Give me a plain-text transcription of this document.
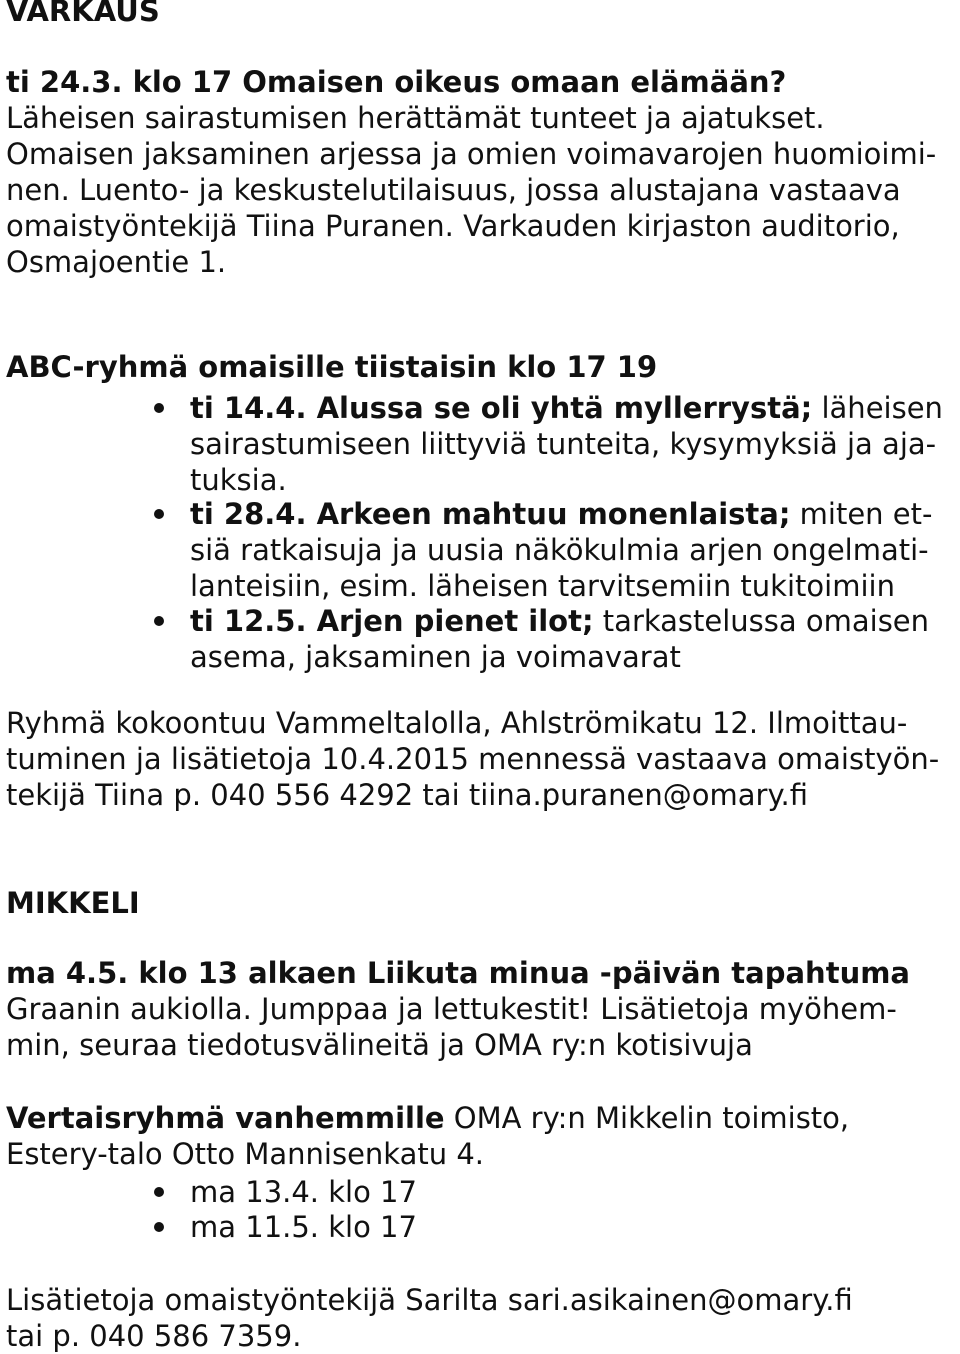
VARKAUS
ti 24.3. klo 17 Omaisen oikeus omaan elämään?
Läheisen sairastumisen herättämät tunteet ja ajatukset.
Omaisen jaksaminen arjessa ja omien voimavarojen huomioimi-
nen. Luento- ja keskustelutilaisuus, jossa alustajana vastaava
omaistyöntekijä Tiina Puranen. Varkauden kirjaston auditorio,
Osmajoentie 1.
ABC-ryhmä omaisille tiistaisin klo 17 19
ti 14.4. Alussa se oli yhtä myllerrystä; läheisen
sairastumiseen liittyviä tunteita, kysymyksiä ja aja-
tuksia.
ti 28.4. Arkeen mahtuu monenlaista; miten et-
siä ratkaisuja ja uusia näkökulmia arjen ongelmati-
lanteisiin, esim. läheisen tarvitsemiin tukitoimiin
ti 12.5. Arjen pienet ilot; tarkastelussa omaisen
asema, jaksaminen ja voimavarat
Ryhmä kokoontuu Vammeltalolla, Ahlströmikatu 12. Ilmoittau-
tuminen ja lisätietoja 10.4.2015 mennessä vastaava omaistyön-
tekijä Tiina p. 040 556 4292 tai tiina.puranen@omary.fi
MIKKELI
ma 4.5. klo 13 alkaen Liikuta minua -päivän tapahtuma
Graanin aukiolla. Jumppaa ja lettukestit! Lisätietoja myöhem-
min, seuraa tiedotusvälineitä ja OMA ry:n kotisivuja
Vertaisryhmä vanhemmille OMA ry:n Mikkelin toimisto,
Estery-talo Otto Mannisenkatu 4.
ma 13.4. klo 17
ma 11.5. klo 17
Lisätietoja omaistyöntekijä Sarilta sari.asikainen@omary.fi
tai p. 040 586 7359.
